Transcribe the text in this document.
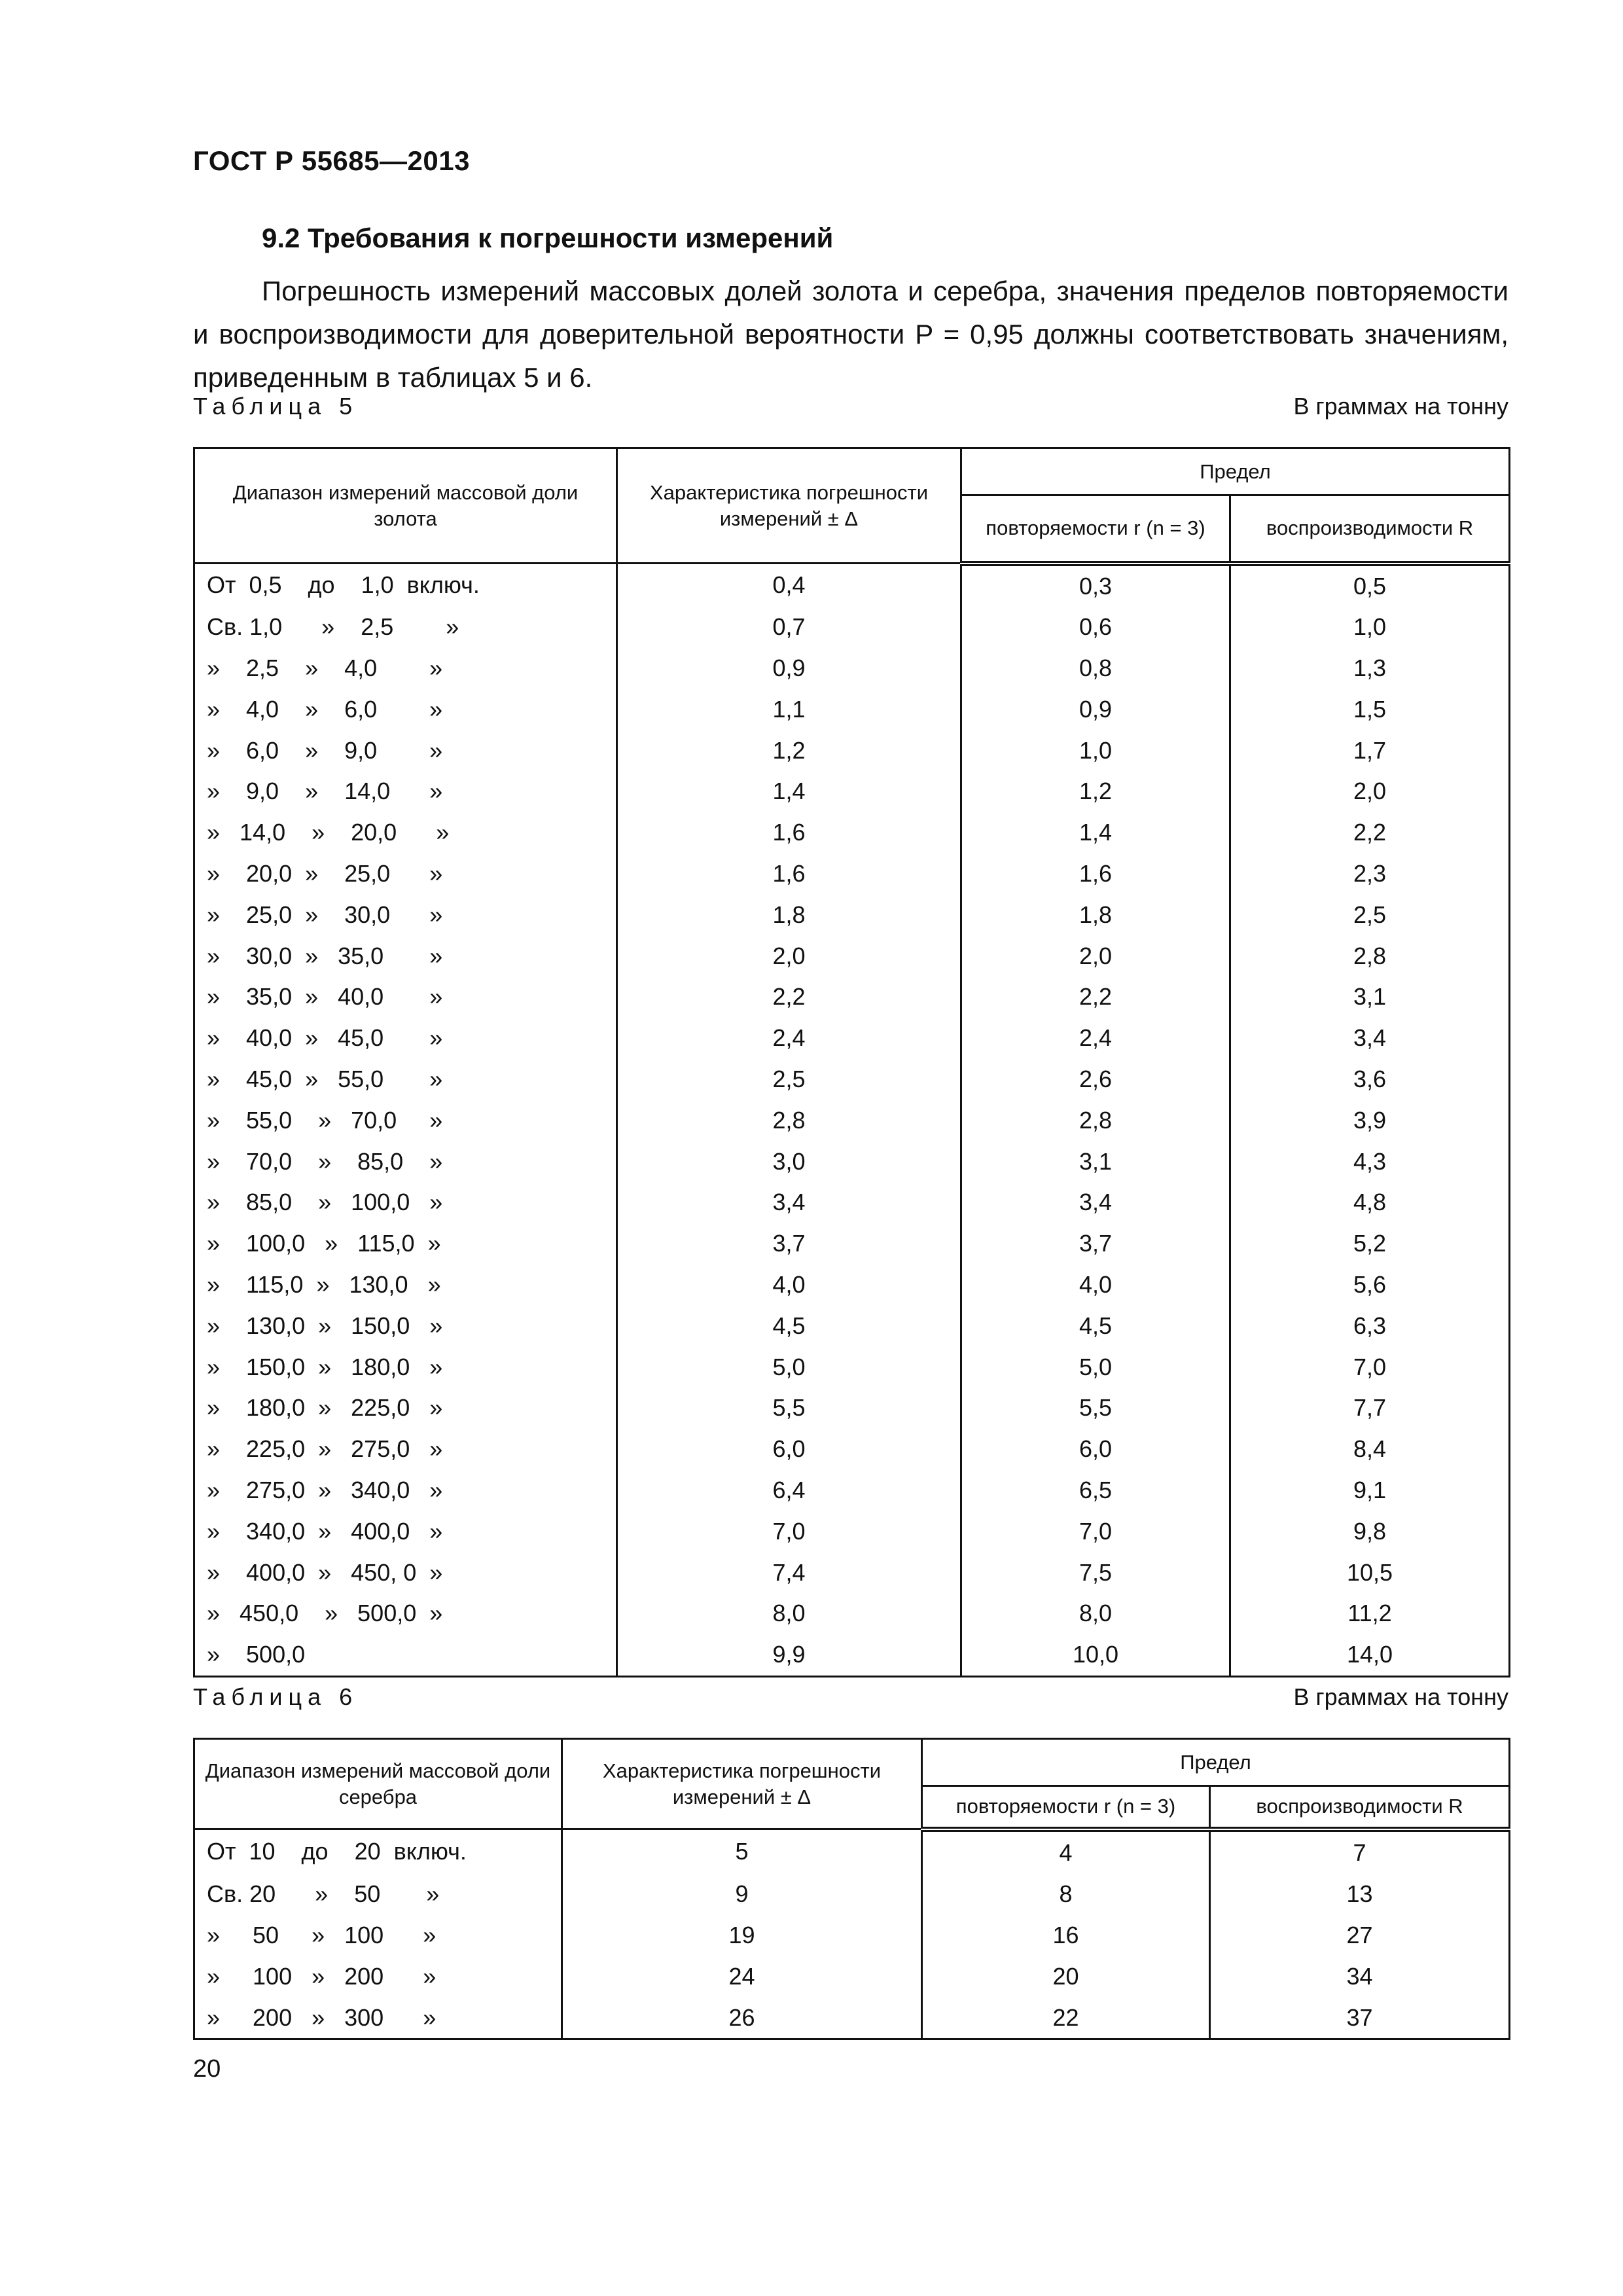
ГОСТ Р 55685—2013
9.2 Требования к погрешности измерений
Погрешность измерений массовых долей золота и серебра, значения пределов повторяемости и воспроизводимости для доверительной вероятности P = 0,95 должны соответствовать значениям, приведенным в таблицах 5 и 6.
Таблица 5	В граммах на тонну
Диапазон измерений массовой доли золота	Характеристика погрешности измерений ± Δ	Предел	
		повторяемости r (n = 3)	воспроизводимости R
От  0,5    до    1,0  включ.	0,4	0,3	0,5
Св. 1,0      »    2,5        »	0,7	0,6	1,0
»    2,5    »    4,0        »	0,9	0,8	1,3
»    4,0    »    6,0        »	1,1	0,9	1,5
»    6,0    »    9,0        »	1,2	1,0	1,7
»    9,0    »    14,0      »	1,4	1,2	2,0
»   14,0    »    20,0      »	1,6	1,4	2,2
»    20,0  »    25,0      »	1,6	1,6	2,3
»    25,0  »    30,0      »	1,8	1,8	2,5
»    30,0  »   35,0       »	2,0	2,0	2,8
»    35,0  »   40,0       »	2,2	2,2	3,1
»    40,0  »   45,0       »	2,4	2,4	3,4
»    45,0  »   55,0       »	2,5	2,6	3,6
»    55,0    »   70,0     »	2,8	2,8	3,9
»    70,0    »    85,0    »	3,0	3,1	4,3
»    85,0    »   100,0   »	3,4	3,4	4,8
»    100,0   »   115,0  »	3,7	3,7	5,2
»    115,0  »   130,0   »	4,0	4,0	5,6
»    130,0  »   150,0   »	4,5	4,5	6,3
»    150,0  »   180,0   »	5,0	5,0	7,0
»    180,0  »   225,0   »	5,5	5,5	7,7
»    225,0  »   275,0   »	6,0	6,0	8,4
»    275,0  »   340,0   »	6,4	6,5	9,1
»    340,0  »   400,0   »	7,0	7,0	9,8
»    400,0  »   450, 0  »	7,4	7,5	10,5
»   450,0    »   500,0  »	8,0	8,0	11,2
»    500,0	9,9	10,0	14,0
Таблица 6	В граммах на тонну
Диапазон измерений массовой доли серебра	Характеристика погрешности измерений ± Δ	Предел	
		повторяемости r (n = 3)	воспроизводимости R
От  10    до    20  включ.	5	4	7
Св. 20      »    50       »	9	8	13
»     50     »   100      »	19	16	27
»     100   »   200      »	24	20	34
»     200   »   300      »	26	22	37
20
